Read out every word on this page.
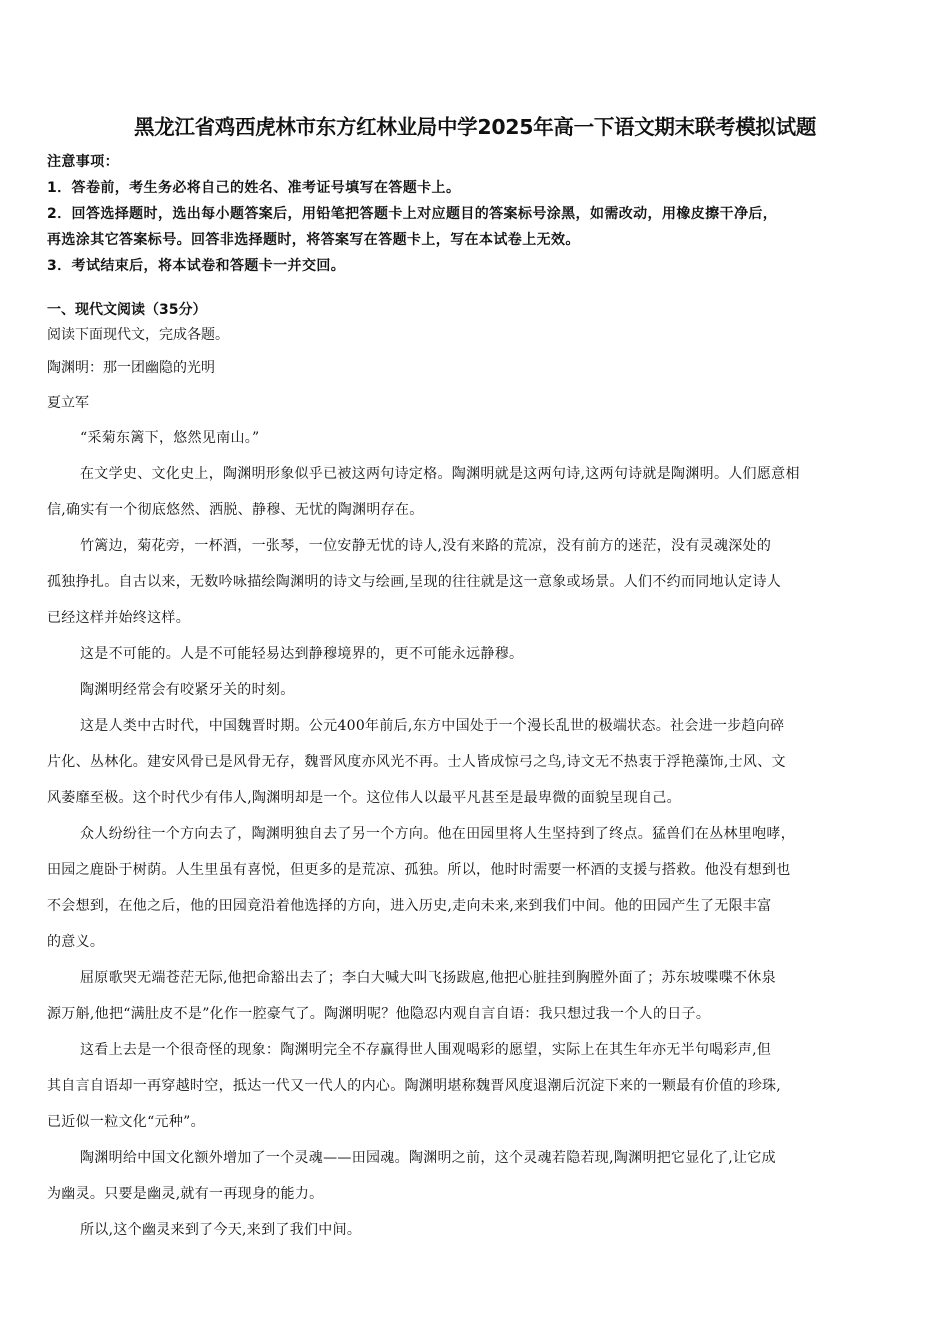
黑龙江省鸡西虎林市东方红林业局中学2025年高一下语文期末联考模拟试题
注意事项：
1．答卷前，考生务必将自己的姓名、准考证号填写在答题卡上。
2．回答选择题时，选出每小题答案后，用铅笔把答题卡上对应题目的答案标号涂黑，如需改动，用橡皮擦干净后，
再选涂其它答案标号。回答非选择题时，将答案写在答题卡上，写在本试卷上无效。
3．考试结束后，将本试卷和答题卡一并交回。
一、现代文阅读（35分）
阅读下面现代文，完成各题。
陶渊明：那一团幽隐的光明
夏立军
“采菊东篱下，悠然见南山。”
在文学史、文化史上，陶渊明形象似乎已被这两句诗定格。陶渊明就是这两句诗,这两句诗就是陶渊明。人们愿意相
信,确实有一个彻底悠然、洒脱、静穆、无忧的陶渊明存在。
竹篱边，菊花旁，一杯酒，一张琴，一位安静无忧的诗人,没有来路的荒凉，没有前方的迷茫，没有灵魂深处的
孤独挣扎。自古以来，无数吟咏描绘陶渊明的诗文与绘画,呈现的往往就是这一意象或场景。人们不约而同地认定诗人
已经这样并始终这样。
这是不可能的。人是不可能轻易达到静穆境界的，更不可能永远静穆。
陶渊明经常会有咬紧牙关的时刻。
这是人类中古时代，中国魏晋时期。公元400年前后,东方中国处于一个漫长乱世的极端状态。社会进一步趋向碎
片化、丛林化。建安风骨已是风骨无存，魏晋风度亦风光不再。士人皆成惊弓之鸟,诗文无不热衷于浮艳藻饰,士风、文
风萎靡至极。这个时代少有伟人,陶渊明却是一个。这位伟人以最平凡甚至是最卑微的面貌呈现自己。
众人纷纷往一个方向去了，陶渊明独自去了另一个方向。他在田园里将人生坚持到了终点。猛兽们在丛林里咆哮，
田园之鹿卧于树荫。人生里虽有喜悦，但更多的是荒凉、孤独。所以，他时时需要一杯酒的支援与搭救。他没有想到也
不会想到，在他之后，他的田园竟沿着他选择的方向，进入历史,走向未来,来到我们中间。他的田园产生了无限丰富
的意义。
屈原歌哭无端苍茫无际,他把命豁出去了；李白大喊大叫飞扬跋扈,他把心脏挂到胸膛外面了；苏东坡喋喋不休泉
源万斛,他把“满肚皮不是”化作一腔豪气了。陶渊明呢？他隐忍内观自言自语：我只想过我一个人的日子。
这看上去是一个很奇怪的现象：陶渊明完全不存赢得世人围观喝彩的愿望，实际上在其生年亦无半句喝彩声,但
其自言自语却一再穿越时空，抵达一代又一代人的内心。陶渊明堪称魏晋风度退潮后沉淀下来的一颗最有价值的珍珠,
已近似一粒文化“元种”。
陶渊明给中国文化额外增加了一个灵魂——田园魂。陶渊明之前，这个灵魂若隐若现,陶渊明把它显化了,让它成
为幽灵。只要是幽灵,就有一再现身的能力。
所以,这个幽灵来到了今天,来到了我们中间。
